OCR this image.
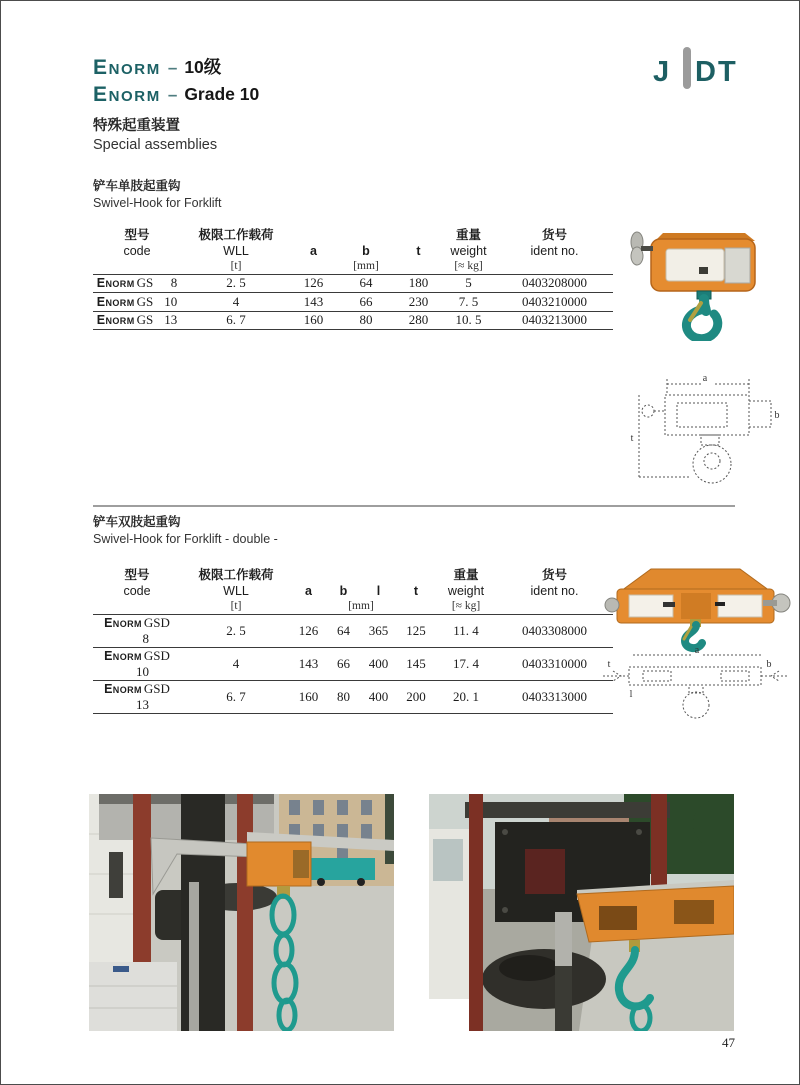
Enorm – 10级
Enorm – Grade 10
J DT
特殊起重装置
Special assemblies
铲车单肢起重钩
Swivel-Hook for Forklift
型号	极限工作载荷				重量	货号
code	WLL	a	b	t	weight	ident no.
	[t]		[mm]		[≈ kg]	
Enorm GS 8	2. 5	126	64	180	5	0403208000
Enorm GS 10	4	143	66	230	7. 5	0403210000
Enorm GS 13	6. 7	160	80	280	10. 5	0403213000
a
b
t
铲车双肢起重钩
Swivel-Hook for Forklift - double -
型号	极限工作载荷					重量	货号
code	WLL	a	b	l	t	weight	ident no.
	[t]		[mm]			[≈ kg]	
Enorm GSD8	2. 5	126	64	365	125	11. 4	0403308000
Enorm GSD10	4	143	66	400	145	17. 4	0403310000
Enorm GSD13	6. 7	160	80	400	200	20. 1	0403313000
a
b
l
t
47
